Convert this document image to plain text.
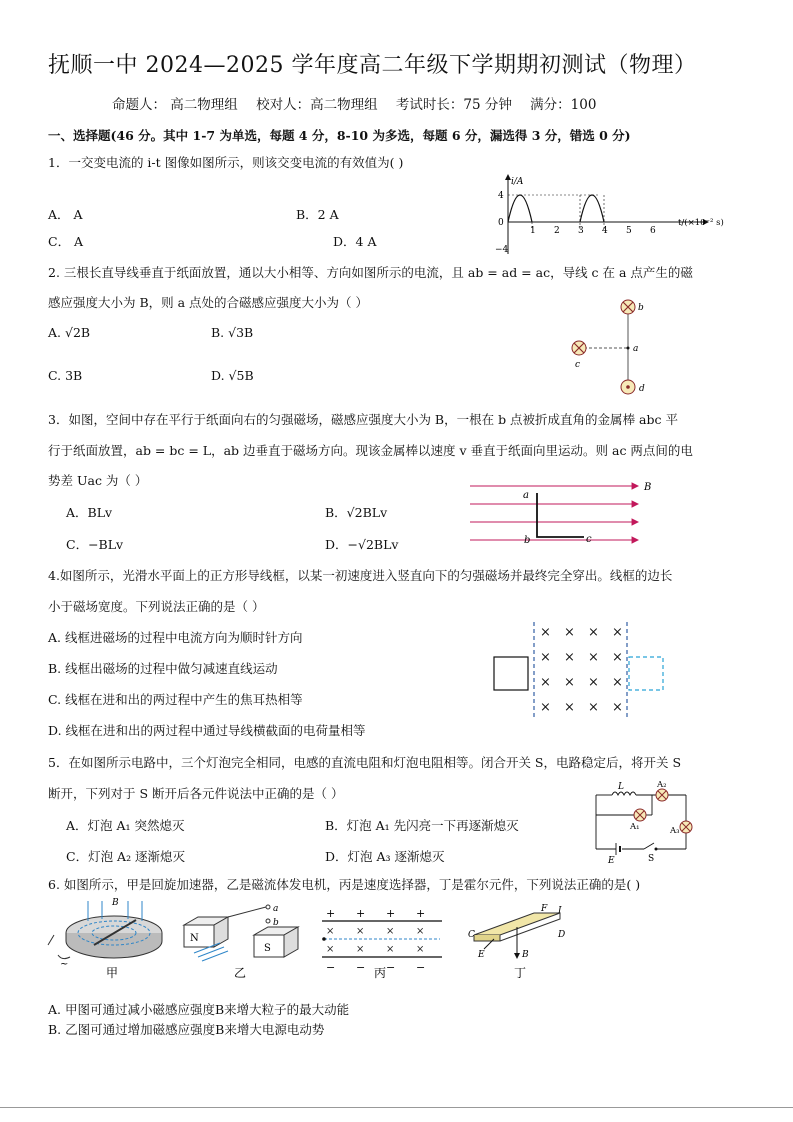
抚顺一中 2024—2025 学年度高二年级下学期期初测试（物理）
命题人： 高二物理组 校对人：高二物理组 考试时长：75 分钟 满分：100
一、选择题(46 分。其中 1-7 为单选，每题 4 分，8-10 为多选，每题 6 分，漏选得 3 分，错选 0 分)
1．一交变电流的 i-t 图像如图所示，则该交变电流的有效值为( )
A． A	B．2 A
C． A	D．4 A
i/A
t/(×10⁻² s)
4
0
−4
1 2 3 4 5 6
2. 三根长直导线垂直于纸面放置，通以大小相等、方向如图所示的电流，且 ab = ad = ac，导线 c 在 a 点产生的磁
感应强度大小为 B，则 a 点处的合磁感应强度大小为（ ）
A. √2B	B. √3B
C. 3B	D. √5B
b
a
c
d
3．如图，空间中存在平行于纸面向右的匀强磁场，磁感应强度大小为 B，一根在 b 点被折成直角的金属棒 abc 平
行于纸面放置，ab = bc = L，ab 边垂直于磁场方向。现该金属棒以速度 v 垂直于纸面向里运动。则 ac 两点间的电
势差 Uac 为（ ）
A．BLv	B．√2BLv
C．−BLv	D．−√2BLv
B
a
b	c
4.如图所示，光滑水平面上的正方形导线框，以某一初速度进入竖直向下的匀强磁场并最终完全穿出。线框的边长
小于磁场宽度。下列说法正确的是（ ）
A. 线框进磁场的过程中电流方向为顺时针方向
B. 线框出磁场的过程中做匀减速直线运动
C. 线框在进和出的两过程中产生的焦耳热相等
D. 线框在进和出的两过程中通过导线横截面的电荷量相等
× × × ×
× × × ×
× × × ×
× × × ×
5．在如图所示电路中，三个灯泡完全相同，电感的直流电阻和灯泡电阻相等。闭合开关 S，电路稳定后，将开关 S
断开，下列对于 S 断开后各元件说法中正确的是（ ）
A．灯泡 A₁ 突然熄灭	B．灯泡 A₁ 先闪亮一下再逐渐熄灭
C．灯泡 A₂ 逐渐熄灭	D．灯泡 A₃ 逐渐熄灭
L	A₂
A₁	A₃
E	S
6. 如图所示，甲是回旋加速器，乙是磁流体发电机，丙是速度选择器，丁是霍尔元件，下列说法正确的是( )
B
~
甲
N
S
a
b
乙
+ + + +
− − − −
× × × ×
× × × ×
丙
F I
C	D
E	B
丁
A. 甲图可通过减小磁感应强度B来增大粒子的最大动能
B. 乙图可通过增加磁感应强度B来增大电源电动势
